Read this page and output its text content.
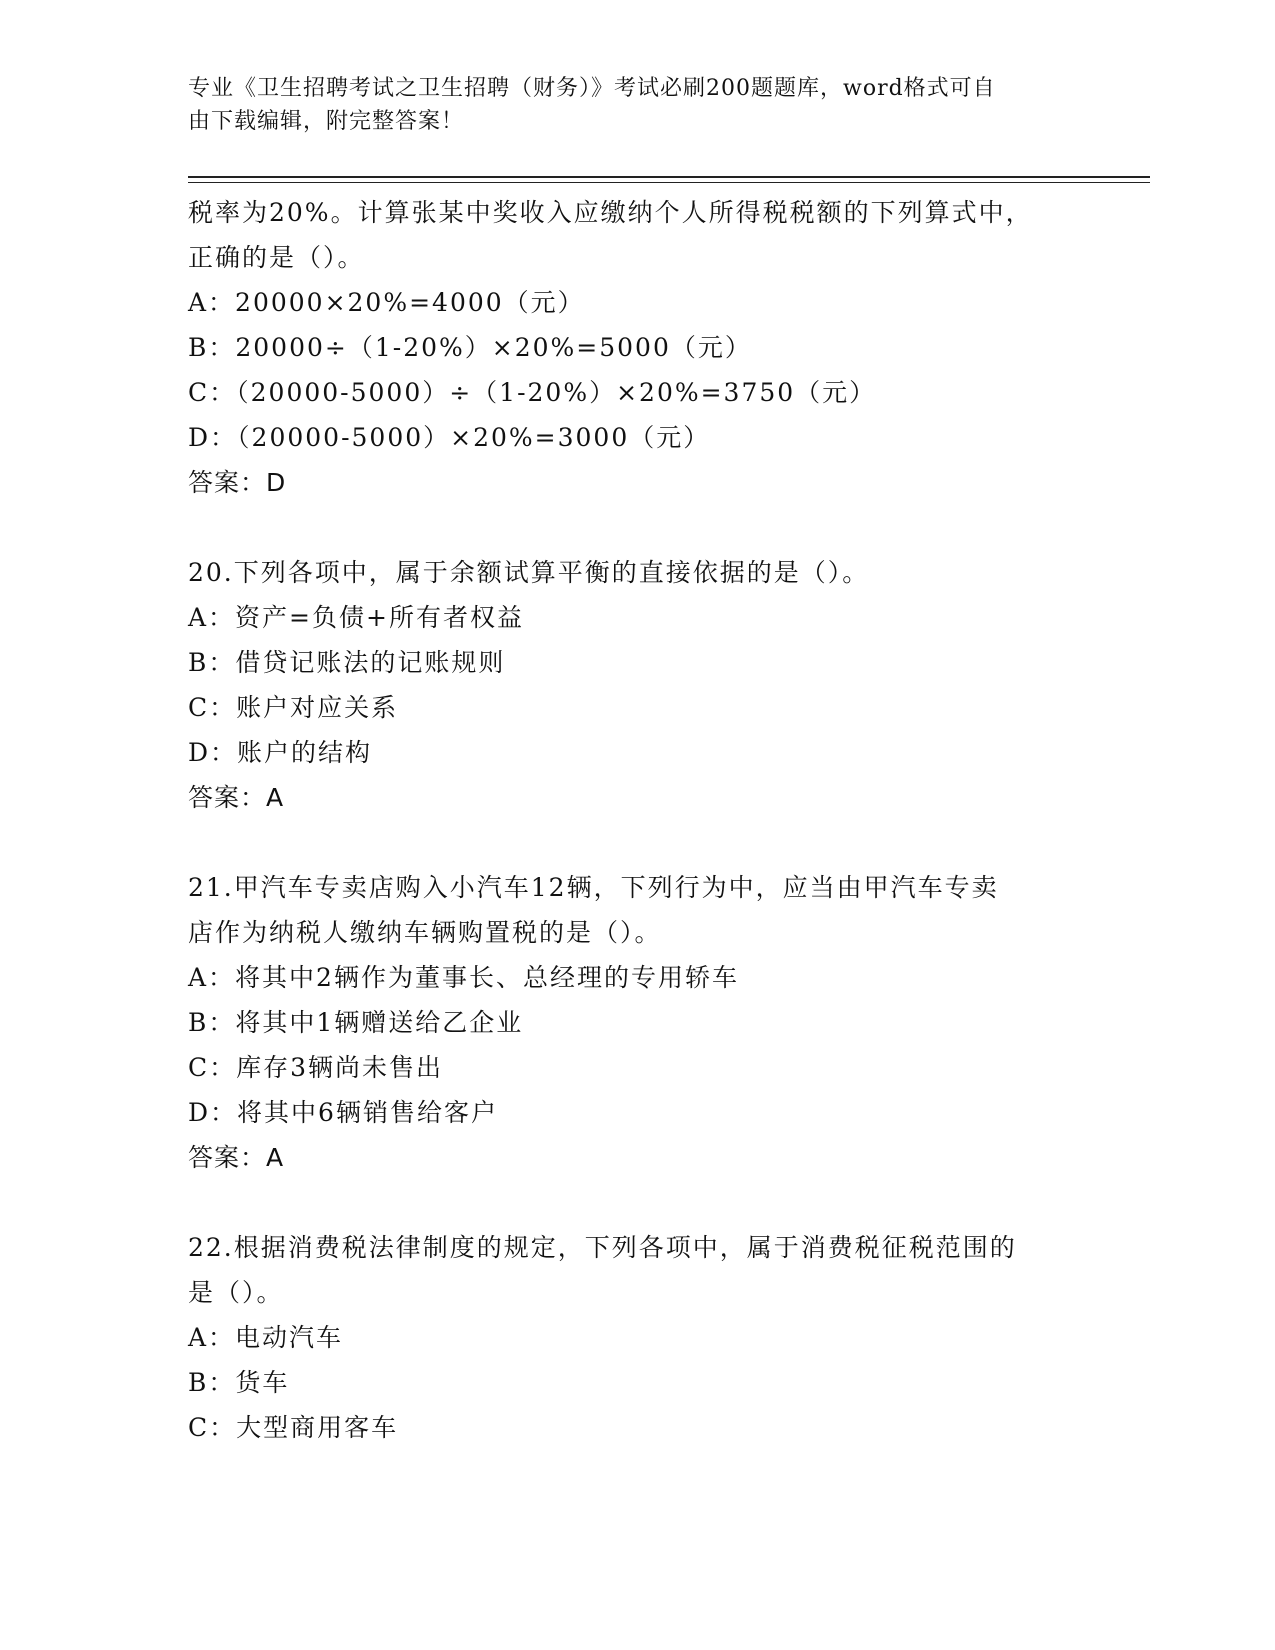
专业《卫生招聘考试之卫生招聘（财务）》考试必刷200题题库，word格式可自
由下载编辑，附完整答案！
税率为20%。计算张某中奖收入应缴纳个人所得税税额的下列算式中，
正确的是（）。
A：20000×20%=4000（元）
B：20000÷（1-20%）×20%=5000（元）
C：（20000-5000）÷（1-20%）×20%=3750（元）
D：（20000-5000）×20%=3000（元）
答案：D
20.下列各项中，属于余额试算平衡的直接依据的是（）。
A：资产=负债+所有者权益
B：借贷记账法的记账规则
C：账户对应关系
D：账户的结构
答案：A
21.甲汽车专卖店购入小汽车12辆，下列行为中，应当由甲汽车专卖
店作为纳税人缴纳车辆购置税的是（）。
A：将其中2辆作为董事长、总经理的专用轿车
B：将其中1辆赠送给乙企业
C：库存3辆尚未售出
D：将其中6辆销售给客户
答案：A
22.根据消费税法律制度的规定，下列各项中，属于消费税征税范围的
是（）。
A：电动汽车
B：货车
C：大型商用客车
